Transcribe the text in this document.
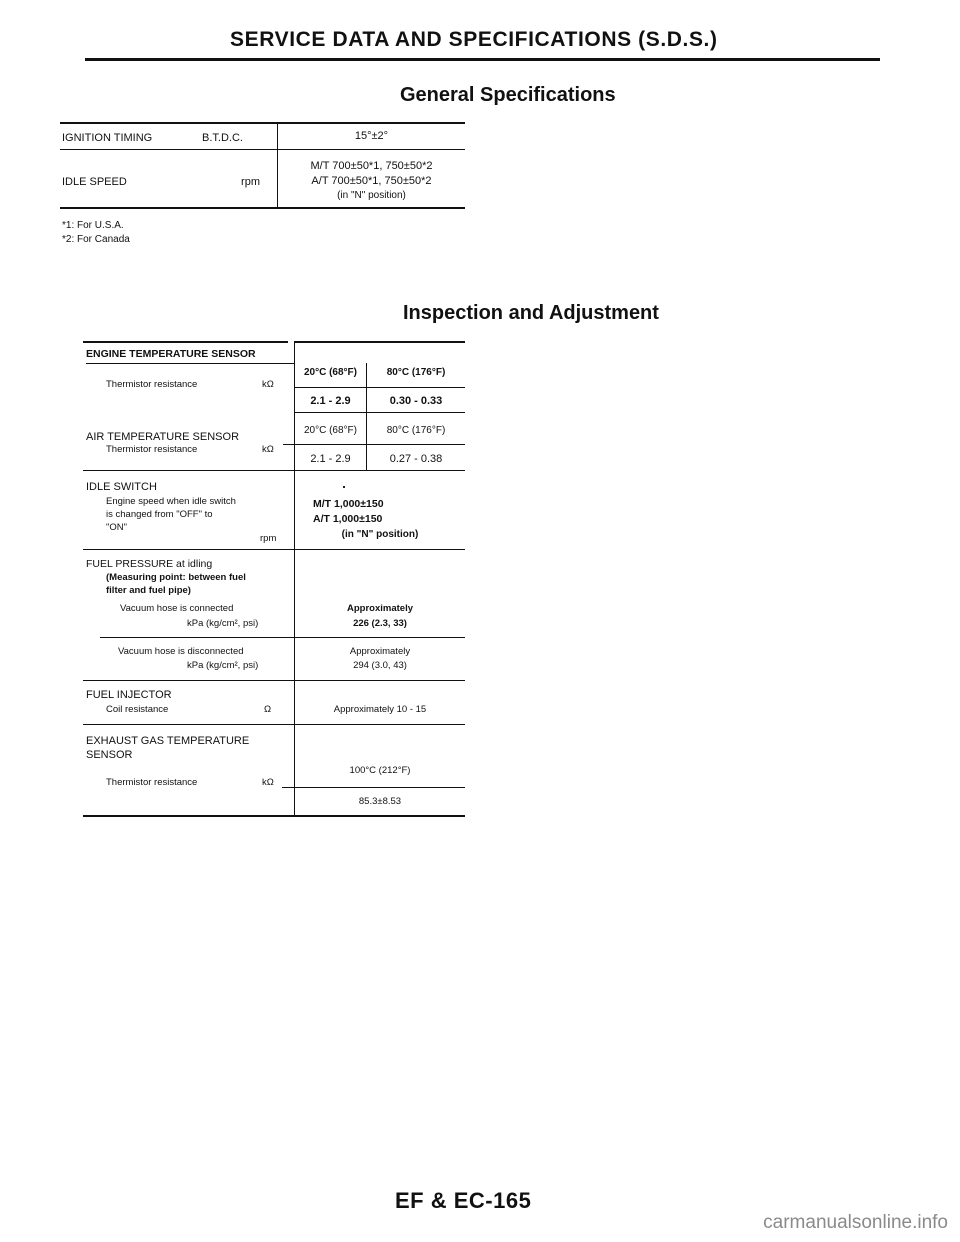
SERVICE DATA AND SPECIFICATIONS (S.D.S.)
General Specifications
IGNITION TIMING	B.T.D.C.	15°±2°
IDLE SPEED	rpm
M/T 700±50*1, 750±50*2
A/T 700±50*1, 750±50*2
(in "N" position)
*1: For U.S.A.
*2: For Canada
Inspection and Adjustment
ENGINE TEMPERATURE SENSOR
Thermistor resistance	kΩ
20°C (68°F)	80°C (176°F)
2.1 - 2.9	0.30 - 0.33
AIR TEMPERATURE SENSOR
Thermistor resistance	kΩ
20°C (68°F)	80°C (176°F)
2.1 - 2.9	0.27 - 0.38
IDLE SWITCH
Engine speed when idle switch
is changed from "OFF" to
"ON"
rpm
M/T 1,000±150
A/T 1,000±150
(in "N" position)
FUEL PRESSURE at idling
(Measuring point: between fuel
filter and fuel pipe)
Vacuum hose is connected
kPa (kg/cm², psi)
Approximately
226 (2.3, 33)
Vacuum hose is disconnected
kPa (kg/cm², psi)
Approximately
294 (3.0, 43)
FUEL INJECTOR
Coil resistance	Ω	Approximately 10 - 15
EXHAUST GAS TEMPERATURE
SENSOR
Thermistor resistance	kΩ
100°C (212°F)
85.3±8.53
EF & EC-165
carmanualsonline.info
